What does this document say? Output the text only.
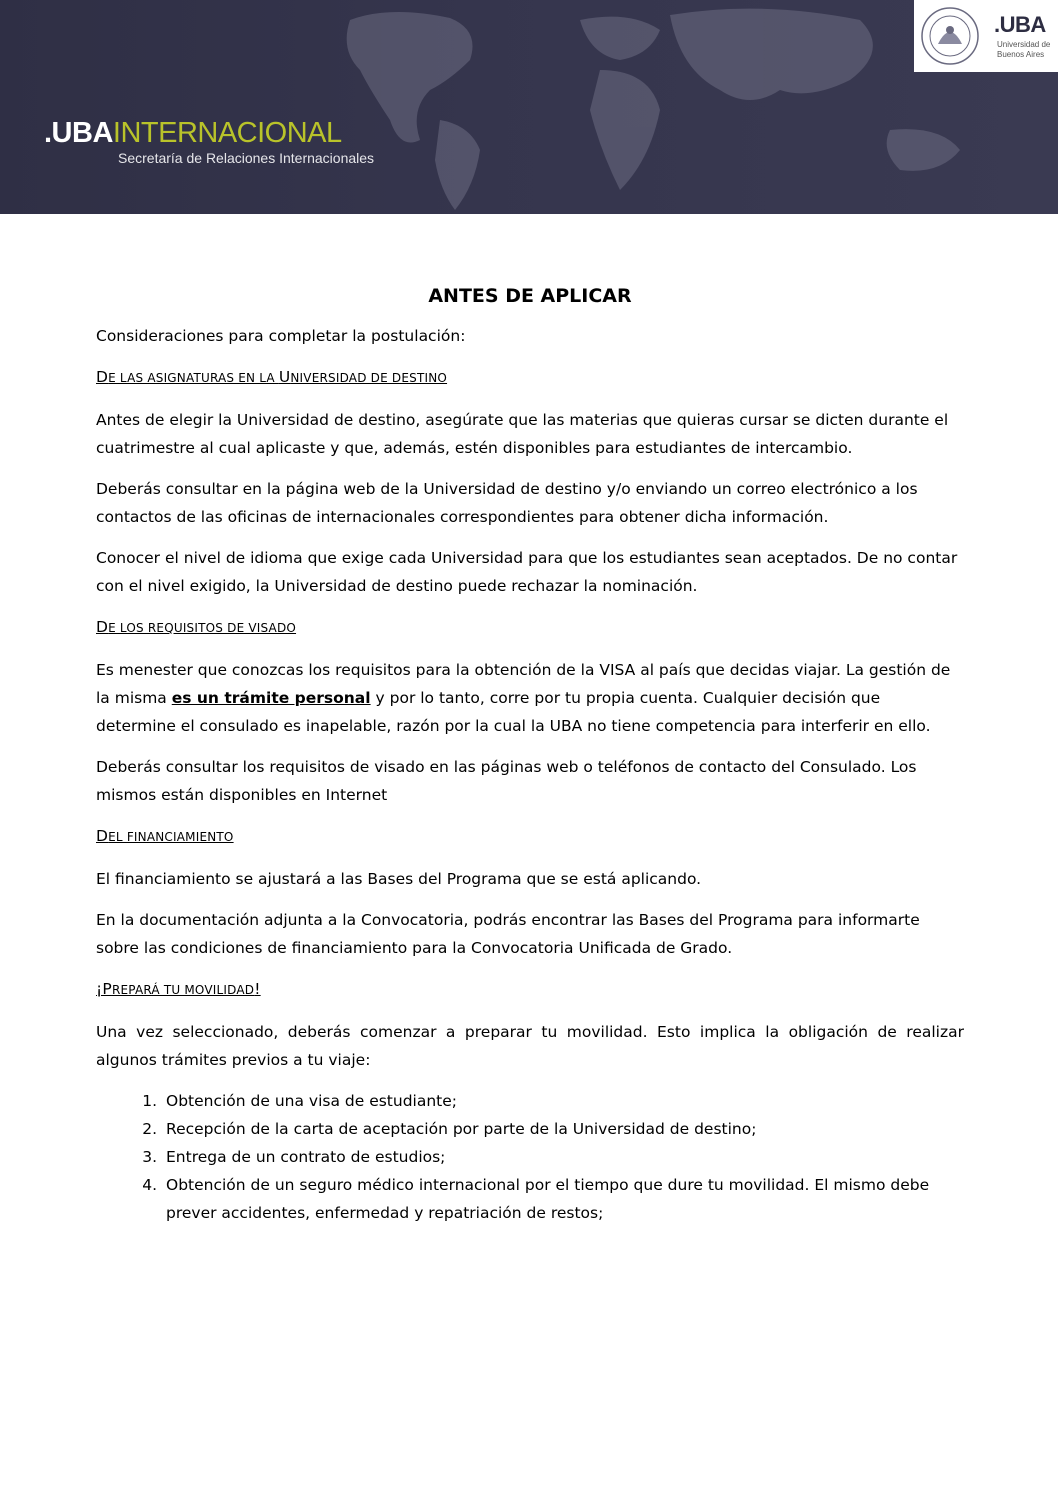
.UBAINTERNACIONAL
Secretaría de Relaciones Internacionales
.UBA
Universidad de Buenos Aires
ANTES DE APLICAR

Consideraciones para completar la postulación:

DE LAS ASIGNATURAS EN LA UNIVERSIDAD DE DESTINO

Antes de elegir la Universidad de destino, asegúrate que las materias que quieras cursar se dicten durante el cuatrimestre al cual aplicaste y que, además, estén disponibles para estudiantes de intercambio.

Deberás consultar en la página web de la Universidad de destino y/o enviando un correo electrónico a los contactos de las oficinas de internacionales correspondientes para obtener dicha información.

Conocer el nivel de idioma que exige cada Universidad para que los estudiantes sean aceptados. De no contar con el nivel exigido, la Universidad de destino puede rechazar la nominación.

DE LOS REQUISITOS DE VISADO

Es menester que conozcas los requisitos para la obtención de la VISA al país que decidas viajar. La gestión de la misma es un trámite personal y por lo tanto, corre por tu propia cuenta. Cualquier decisión que determine el consulado es inapelable, razón por la cual la UBA no tiene competencia para interferir en ello.

Deberás consultar los requisitos de visado en las páginas web o teléfonos de contacto del Consulado. Los mismos están disponibles en Internet

DEL FINANCIAMIENTO

El financiamiento se ajustará a las Bases del Programa que se está aplicando.

En la documentación adjunta a la Convocatoria, podrás encontrar las Bases del Programa para informarte sobre las condiciones de financiamiento para la Convocatoria Unificada de Grado.

¡PREPARÁ TU MOVILIDAD!

Una vez seleccionado, deberás comenzar a preparar tu movilidad. Esto implica la obligación de realizar algunos trámites previos a tu viaje:

1. Obtención de una visa de estudiante;
2. Recepción de la carta de aceptación por parte de la Universidad de destino;
3. Entrega de un contrato de estudios;
4. Obtención de un seguro médico internacional por el tiempo que dure tu movilidad. El mismo debe prever accidentes, enfermedad y repatriación de restos;
